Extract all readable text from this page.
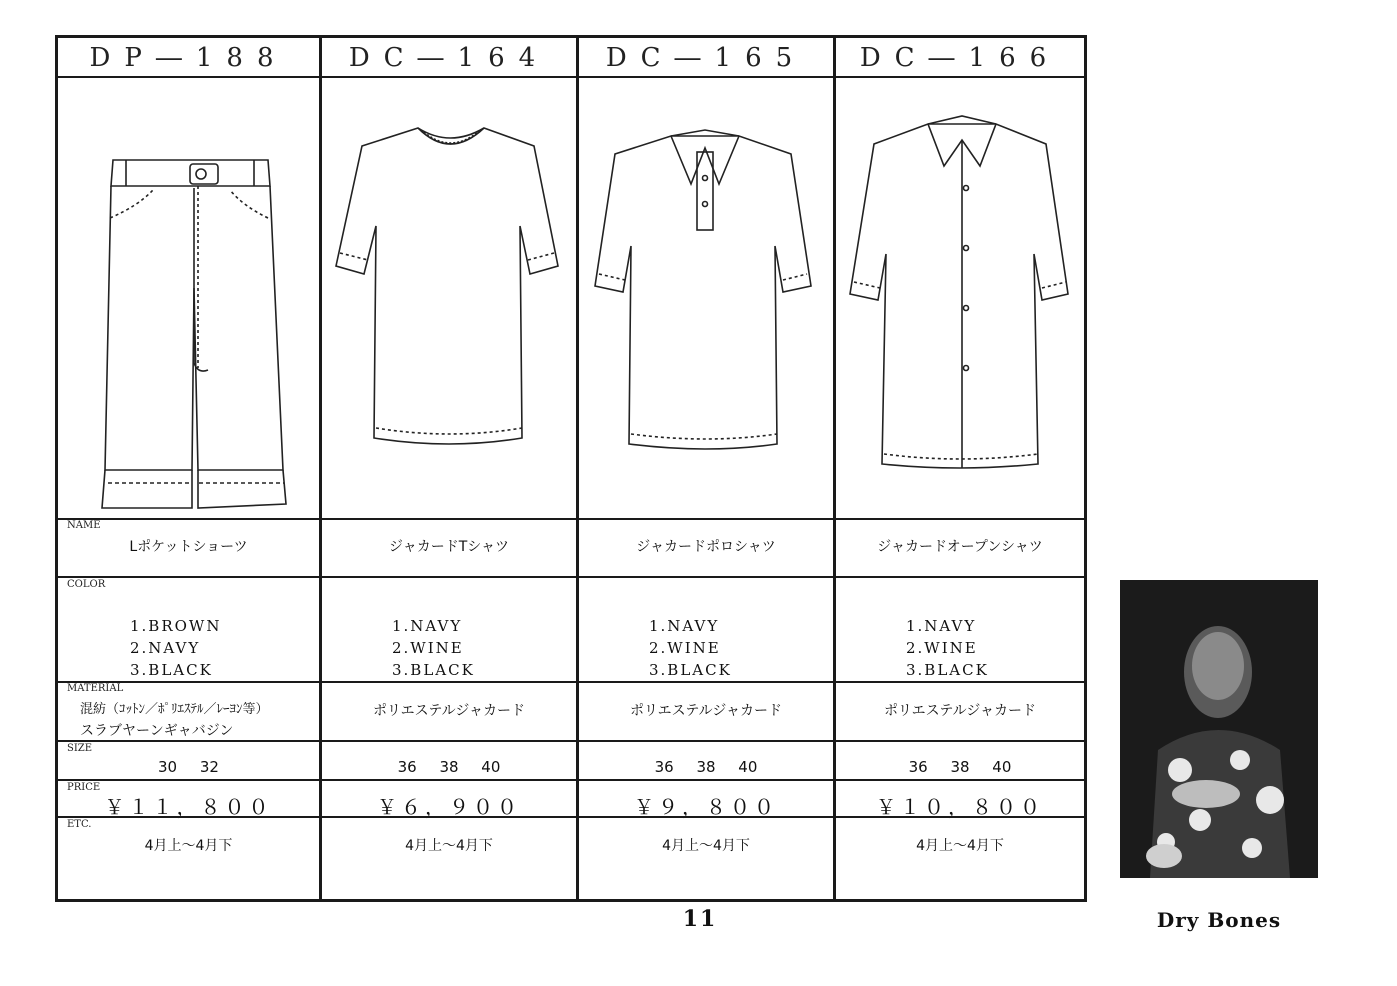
DP―188
NAME
Lポケットショーツ
COLOR
1.BROWN
2.NAVY
3.BLACK
MATERIAL
混紡（ｺｯﾄﾝ／ﾎﾟﾘｴｽﾃﾙ／ﾚｰﾖﾝ等）
スラブヤーンギャバジン
SIZE
30 32
PRICE
￥１１，８００
ETC.
4月上～4月下
DC―164
ジャカードTシャツ
1.NAVY
2.WINE
3.BLACK
ポリエステルジャカード
36 38 40
￥６，９００
4月上～4月下
DC―165
ジャカードポロシャツ
1.NAVY
2.WINE
3.BLACK
ポリエステルジャカード
36 38 40
￥９，８００
4月上～4月下
DC―166
ジャカードオープンシャツ
1.NAVY
2.WINE
3.BLACK
ポリエステルジャカード
36 38 40
￥１０，８００
4月上～4月下
Dry Bones
11
